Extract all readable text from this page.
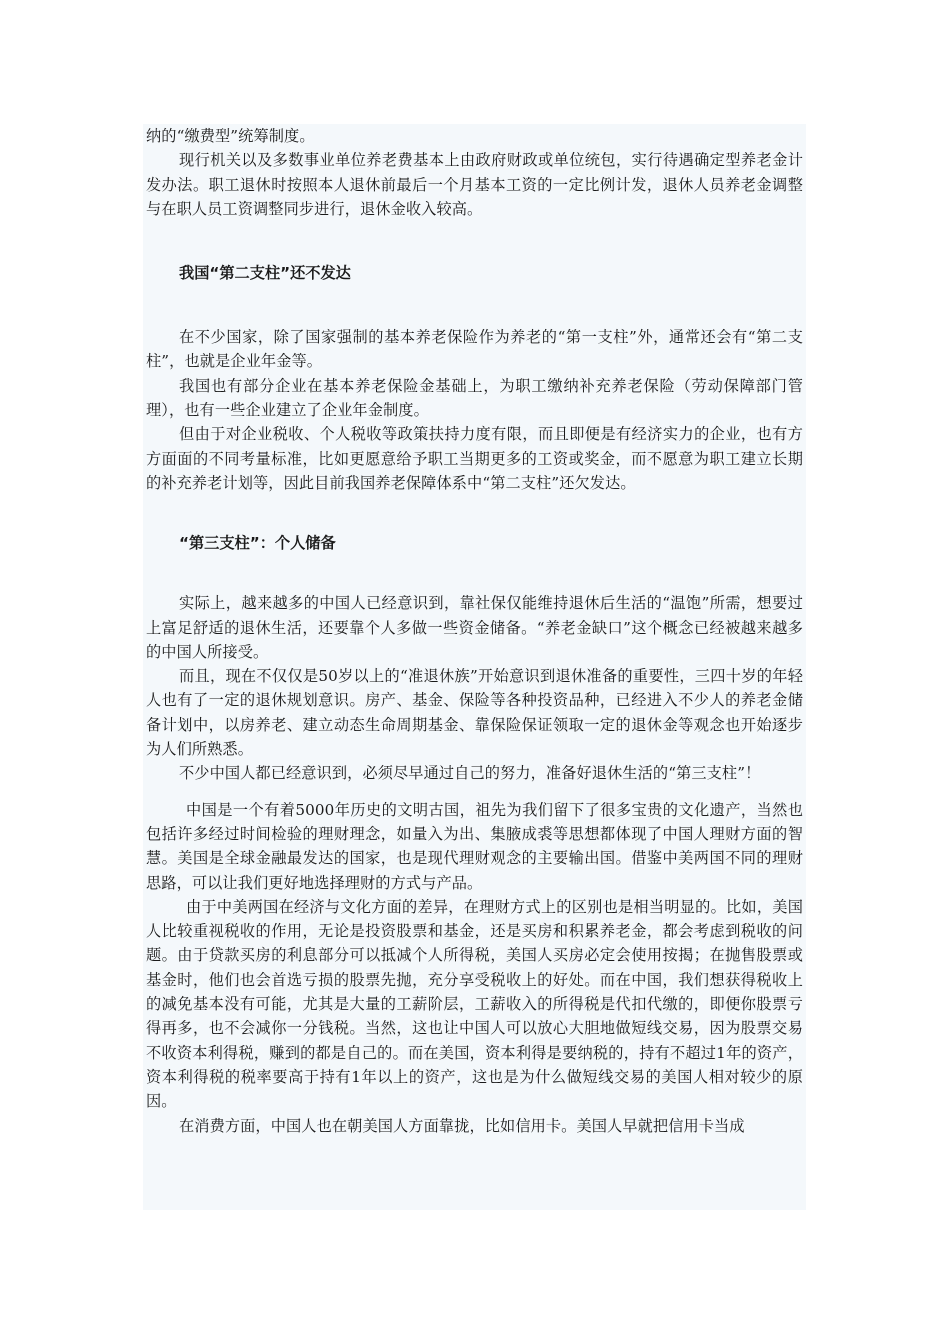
纳的“缴费型”统筹制度。

现行机关以及多数事业单位养老费基本上由政府财政或单位统包，实行待遇确定型养老金计发办法。职工退休时按照本人退休前最后一个月基本工资的一定比例计发，退休人员养老金调整与在职人员工资调整同步进行，退休金收入较高。

我国“第二支柱”还不发达

在不少国家，除了国家强制的基本养老保险作为养老的“第一支柱”外，通常还会有“第二支柱”，也就是企业年金等。

我国也有部分企业在基本养老保险金基础上，为职工缴纳补充养老保险（劳动保障部门管理），也有一些企业建立了企业年金制度。

但由于对企业税收、个人税收等政策扶持力度有限，而且即便是有经济实力的企业，也有方方面面的不同考量标准，比如更愿意给予职工当期更多的工资或奖金，而不愿意为职工建立长期的补充养老计划等，因此目前我国养老保障体系中“第二支柱”还欠发达。

“第三支柱”：个人储备

实际上，越来越多的中国人已经意识到，靠社保仅能维持退休后生活的“温饱”所需，想要过上富足舒适的退休生活，还要靠个人多做一些资金储备。“养老金缺口”这个概念已经被越来越多的中国人所接受。

而且，现在不仅仅是50岁以上的“准退休族”开始意识到退休准备的重要性，三四十岁的年轻人也有了一定的退休规划意识。房产、基金、保险等各种投资品种，已经进入不少人的养老金储备计划中，以房养老、建立动态生命周期基金、靠保险保证领取一定的退休金等观念也开始逐步为人们所熟悉。

不少中国人都已经意识到，必须尽早通过自己的努力，准备好退休生活的“第三支柱”！

中国是一个有着5000年历史的文明古国，祖先为我们留下了很多宝贵的文化遗产，当然也包括许多经过时间检验的理财理念，如量入为出、集腋成裘等思想都体现了中国人理财方面的智慧。美国是全球金融最发达的国家，也是现代理财观念的主要输出国。借鉴中美两国不同的理财思路，可以让我们更好地选择理财的方式与产品。

由于中美两国在经济与文化方面的差异，在理财方式上的区别也是相当明显的。比如，美国人比较重视税收的作用，无论是投资股票和基金，还是买房和积累养老金，都会考虑到税收的问题。由于贷款买房的利息部分可以抵减个人所得税，美国人买房必定会使用按揭；在抛售股票或基金时，他们也会首选亏损的股票先抛，充分享受税收上的好处。而在中国，我们想获得税收上的减免基本没有可能，尤其是大量的工薪阶层，工薪收入的所得税是代扣代缴的，即便你股票亏得再多，也不会减你一分钱税。当然，这也让中国人可以放心大胆地做短线交易，因为股票交易不收资本利得税，赚到的都是自己的。而在美国，资本利得是要纳税的，持有不超过1年的资产，资本利得税的税率要高于持有1年以上的资产，这也是为什么做短线交易的美国人相对较少的原因。

在消费方面，中国人也在朝美国人方面靠拢，比如信用卡。美国人早就把信用卡当成
